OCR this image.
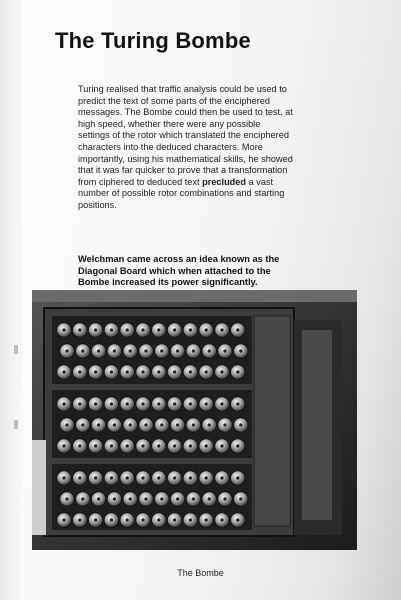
The Turing Bombe
Turing realised that traffic analysis could be used to predict the text of some parts of the enciphered messages. The Bombe could then be used to test, at high speed, whether there were any possible settings of the rotor which translated the enciphered characters into the deduced characters. More importantly, using his mathematical skills, he showed that it was far quicker to prove that a transformation from ciphered to deduced text precluded a vast number of possible rotor combinations and starting positions.
Welchman came across an idea known as the Diagonal Board which when attached to the Bombe increased its power significantly.
The Bombe
